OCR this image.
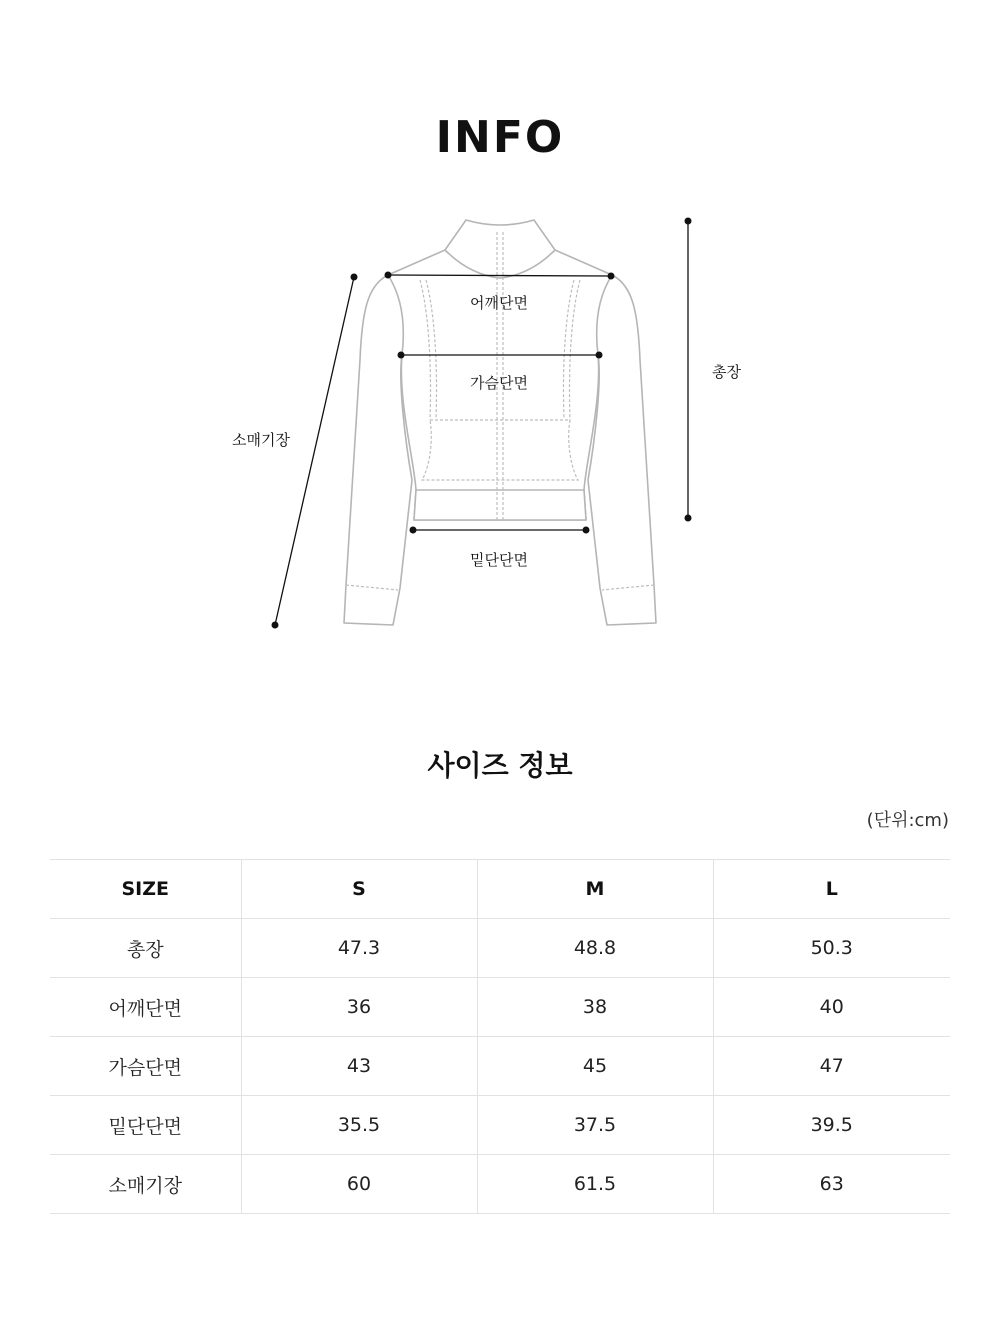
INFO
어깨단면
가슴단면
총장
소매기장
밑단단면
사이즈 정보
(단위:cm)
SIZE	S	M	L
총장	47.3	48.8	50.3
어깨단면	36	38	40
가슴단면	43	45	47
밑단단면	35.5	37.5	39.5
소매기장	60	61.5	63
